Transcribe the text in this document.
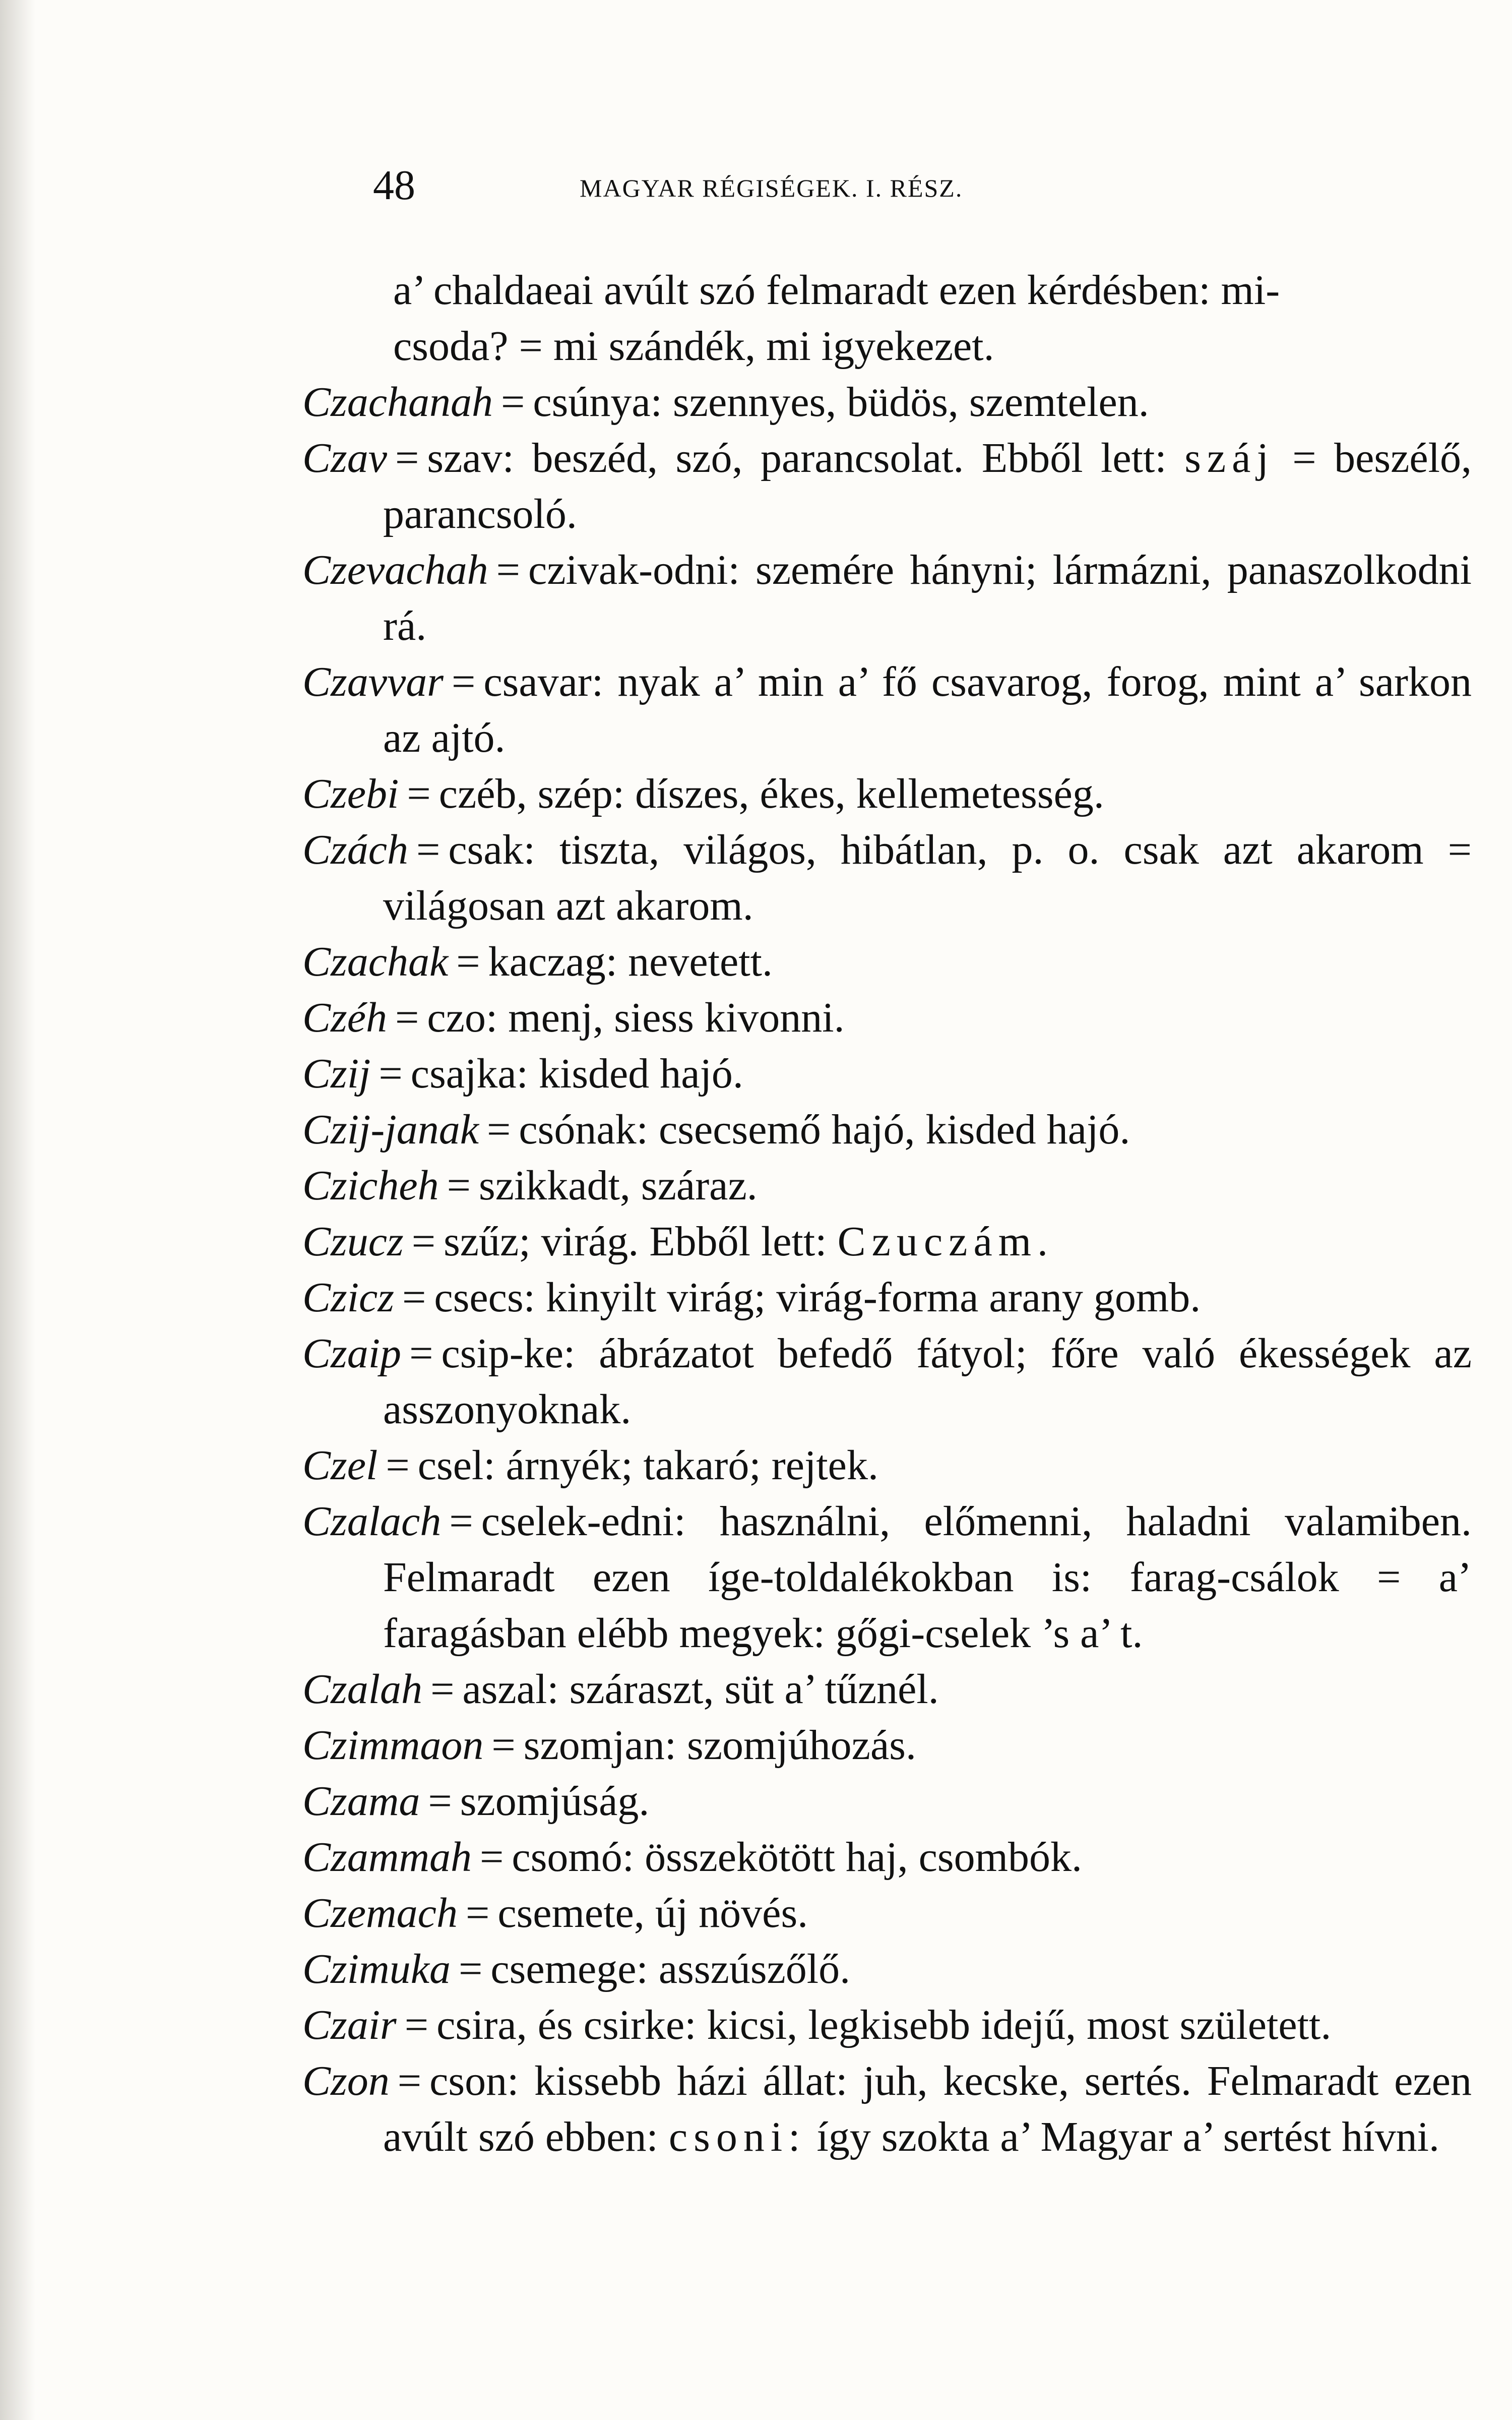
48	MAGYAR RÉGISÉGEK. I. RÉSZ.

a’ chaldaeai avúlt szó felmaradt ezen kérdésben: mi-
csoda? = mi szándék, mi igyekezet.

Czachanah = csúnya: szennyes, büdös, szemtelen.

Czav = szav: beszéd, szó, parancsolat. Ebből lett: száj = beszélő, parancsoló.

Czevachah = czivak-odni: szemére hányni; lármázni, panaszolkodni rá.

Czavvar = csavar: nyak a’ min a’ fő csavarog, forog, mint a’ sarkon az ajtó.

Czebi = czéb, szép: díszes, ékes, kellemetesség.

Czách = csak: tiszta, világos, hibátlan, p. o. csak azt akarom = világosan azt akarom.

Czachak = kaczag: nevetett.

Czéh = czo: menj, siess kivonni.

Czij = csajka: kisded hajó.

Czij-janak = csónak: csecsemő hajó, kisded hajó.

Czicheh = szikkadt, száraz.

Czucz = szűz; virág. Ebből lett: Czuczám.

Czicz = csecs: kinyilt virág; virág-forma arany gomb.

Czaip = csip-ke: ábrázatot befedő fátyol; főre való ékességek az asszonyoknak.

Czel = csel: árnyék; takaró; rejtek.

Czalach = cselek-edni: használni, előmenni, haladni valamiben. Felmaradt ezen íge-toldalékokban is: farag-csálok = a’ faragásban elébb megyek: gőgi-cselek ’s a’ t.

Czalah = aszal: száraszt, süt a’ tűznél.

Czimmaon = szomjan: szomjúhozás.

Czama = szomjúság.

Czammah = csomó: összekötött haj, csombók.

Czemach = csemete, új növés.

Czimuka = csemege: asszúszőlő.

Czair = csira, és csirke: kicsi, legkisebb idejű, most született.

Czon = cson: kissebb házi állat: juh, kecske, sertés. Felmaradt ezen avúlt szó ebben: csoni: így szokta a’ Magyar a’ sertést hívni.
